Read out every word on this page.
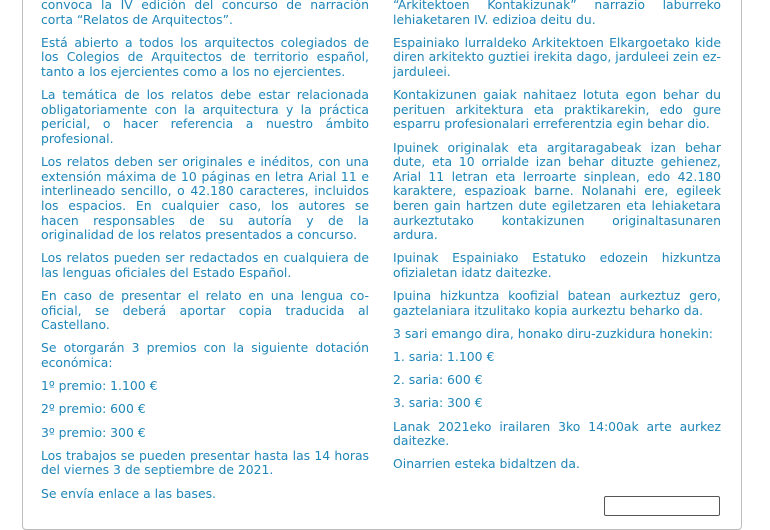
convoca la IV edición del concurso de narración corta “Relatos de Arquitectos”.

Está abierto a todos los arquitectos colegiados de los Colegios de Arquitectos de territorio español, tanto a los ejercientes como a los no ejercientes.

La temática de los relatos debe estar relacionada obligatoriamente con la arquitectura y la práctica pericial, o hacer referencia a nuestro ámbito profesional.

Los relatos deben ser originales e inéditos, con una extensión máxima de 10 páginas en letra Arial 11 e interlineado sencillo, o 42.180 caracteres, incluidos los espacios. En cualquier caso, los autores se hacen responsables de su autoría y de la originalidad de los relatos presentados a concurso.

Los relatos pueden ser redactados en cualquiera de las lenguas oficiales del Estado Español.

En caso de presentar el relato en una lengua co-oficial, se deberá aportar copia traducida al Castellano.

Se otorgarán 3 premios con la siguiente dotación económica:

1º premio: 1.100 €

2º premio: 600 €

3º premio: 300 €

Los trabajos se pueden presentar hasta las 14 horas del viernes 3 de septiembre de 2021.

Se envía enlace a las bases.

“Arkitektoen Kontakizunak” narrazio laburreko lehiaketaren IV. edizioa deitu du.

Espainiako lurraldeko Arkitektoen Elkargoetako kide diren arkitekto guztiei irekita dago, jarduleei zein ez-jarduleei.

Kontakizunen gaiak nahitaez lotuta egon behar du perituen arkitektura eta praktikarekin, edo gure esparru profesionalari erreferentzia egin behar dio.

Ipuinek originalak eta argitaragabeak izan behar dute, eta 10 orrialde izan behar dituzte gehienez, Arial 11 letran eta lerroarte sinplean, edo 42.180 karaktere, espazioak barne. Nolanahi ere, egileek beren gain hartzen dute egiletzaren eta lehiaketara aurkeztutako kontakizunen originaltasunaren ardura.

Ipuinak Espainiako Estatuko edozein hizkuntza ofizialetan idatz daitezke.

Ipuina hizkuntza koofizial batean aurkeztuz gero, gaztelaniara itzulitako kopia aurkeztu beharko da.

3 sari emango dira, honako diru-zuzkidura honekin:

1. saria: 1.100 €

2. saria: 600 €

3. saria: 300 €

Lanak 2021eko irailaren 3ko 14:00ak arte aurkez daitezke.

Oinarrien esteka bidaltzen da.
